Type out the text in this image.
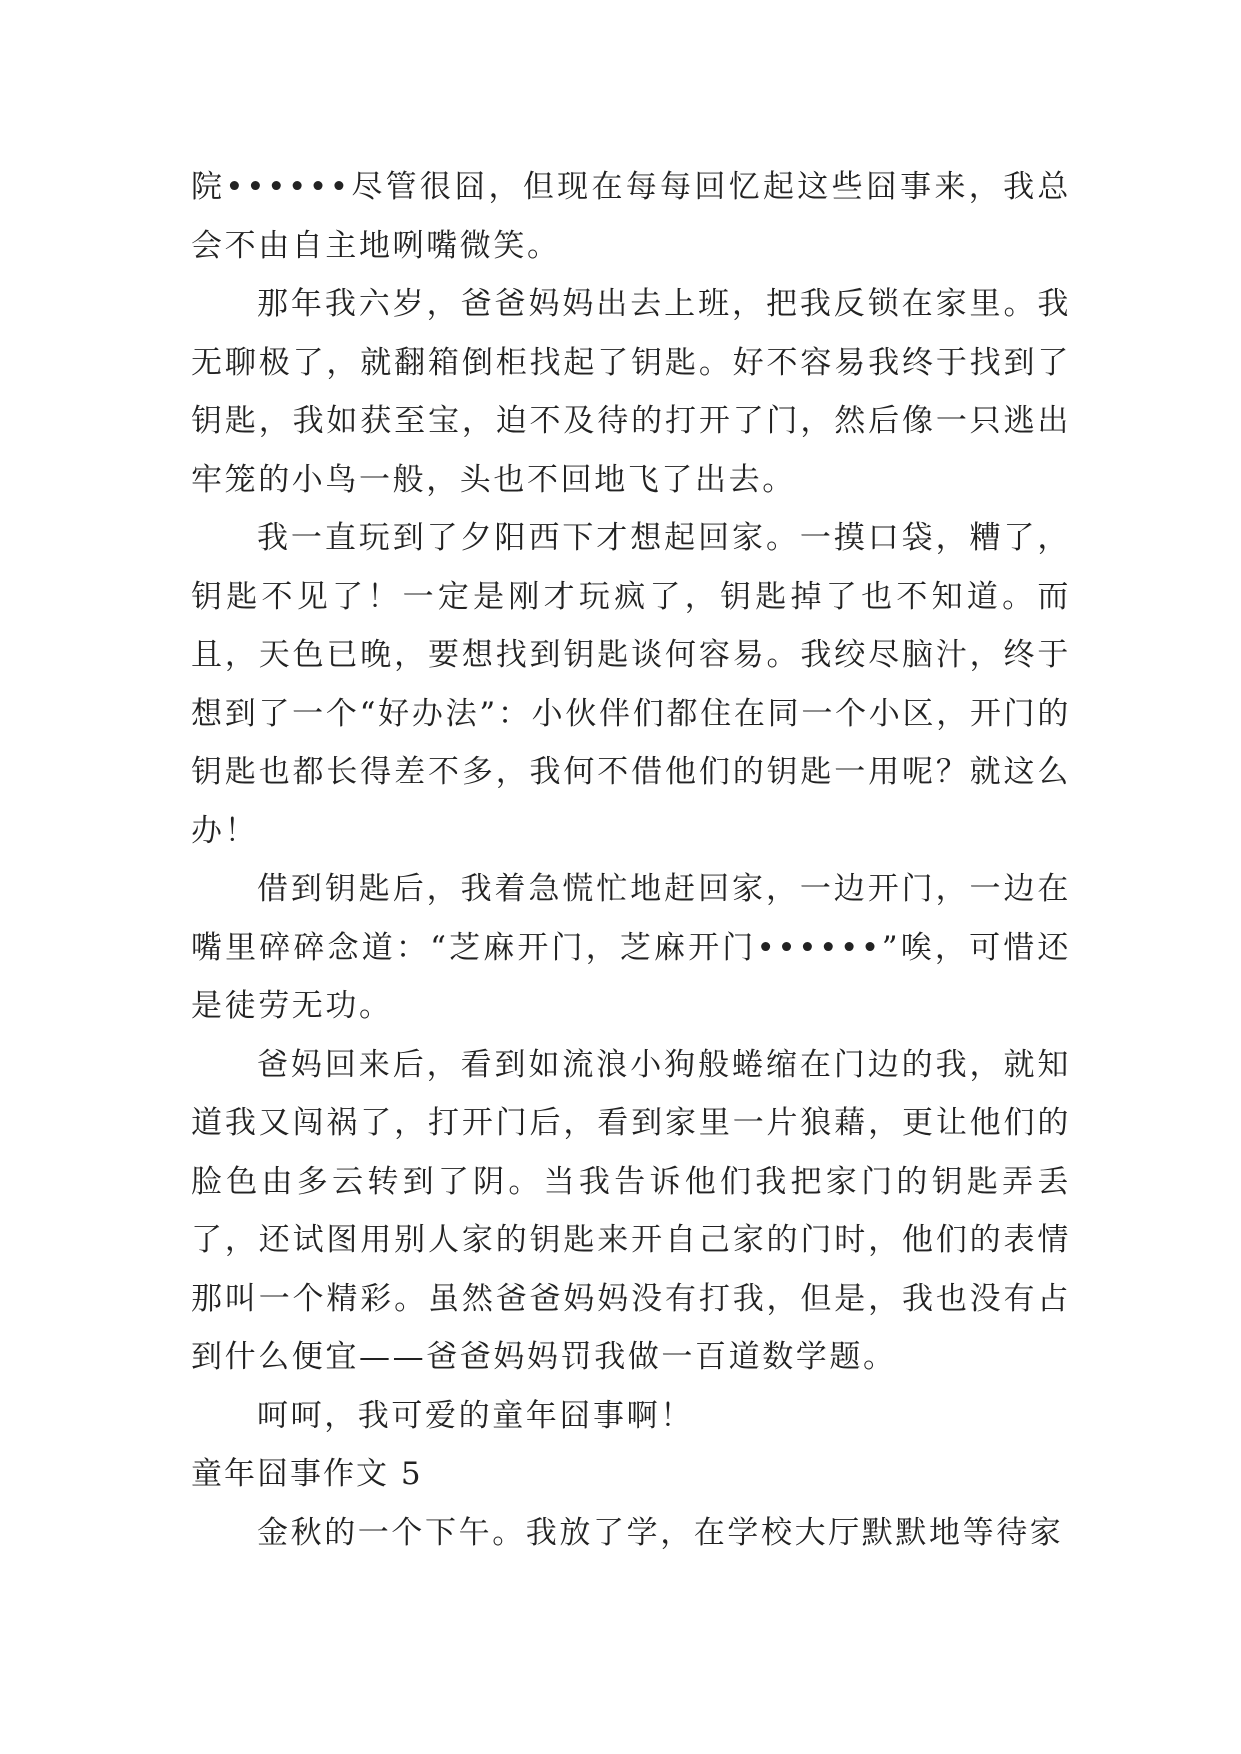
院••••••尽管很囧，但现在每每回忆起这些囧事来，我总会不由自主地咧嘴微笑。

那年我六岁，爸爸妈妈出去上班，把我反锁在家里。我无聊极了，就翻箱倒柜找起了钥匙。好不容易我终于找到了钥匙，我如获至宝，迫不及待的打开了门，然后像一只逃出牢笼的小鸟一般，头也不回地飞了出去。

我一直玩到了夕阳西下才想起回家。一摸口袋，糟了，钥匙不见了！一定是刚才玩疯了，钥匙掉了也不知道。而且，天色已晚，要想找到钥匙谈何容易。我绞尽脑汁，终于想到了一个“好办法”：小伙伴们都住在同一个小区，开门的钥匙也都长得差不多，我何不借他们的钥匙一用呢？就这么办！

借到钥匙后，我着急慌忙地赶回家，一边开门，一边在嘴里碎碎念道：“芝麻开门，芝麻开门••••••”唉，可惜还是徒劳无功。

爸妈回来后，看到如流浪小狗般蜷缩在门边的我，就知道我又闯祸了，打开门后，看到家里一片狼藉，更让他们的脸色由多云转到了阴。当我告诉他们我把家门的钥匙弄丢了，还试图用别人家的钥匙来开自己家的门时，他们的表情那叫一个精彩。虽然爸爸妈妈没有打我，但是，我也没有占到什么便宜——爸爸妈妈罚我做一百道数学题。

呵呵，我可爱的童年囧事啊！

童年囧事作文 5

金秋的一个下午。我放了学，在学校大厅默默地等待家
